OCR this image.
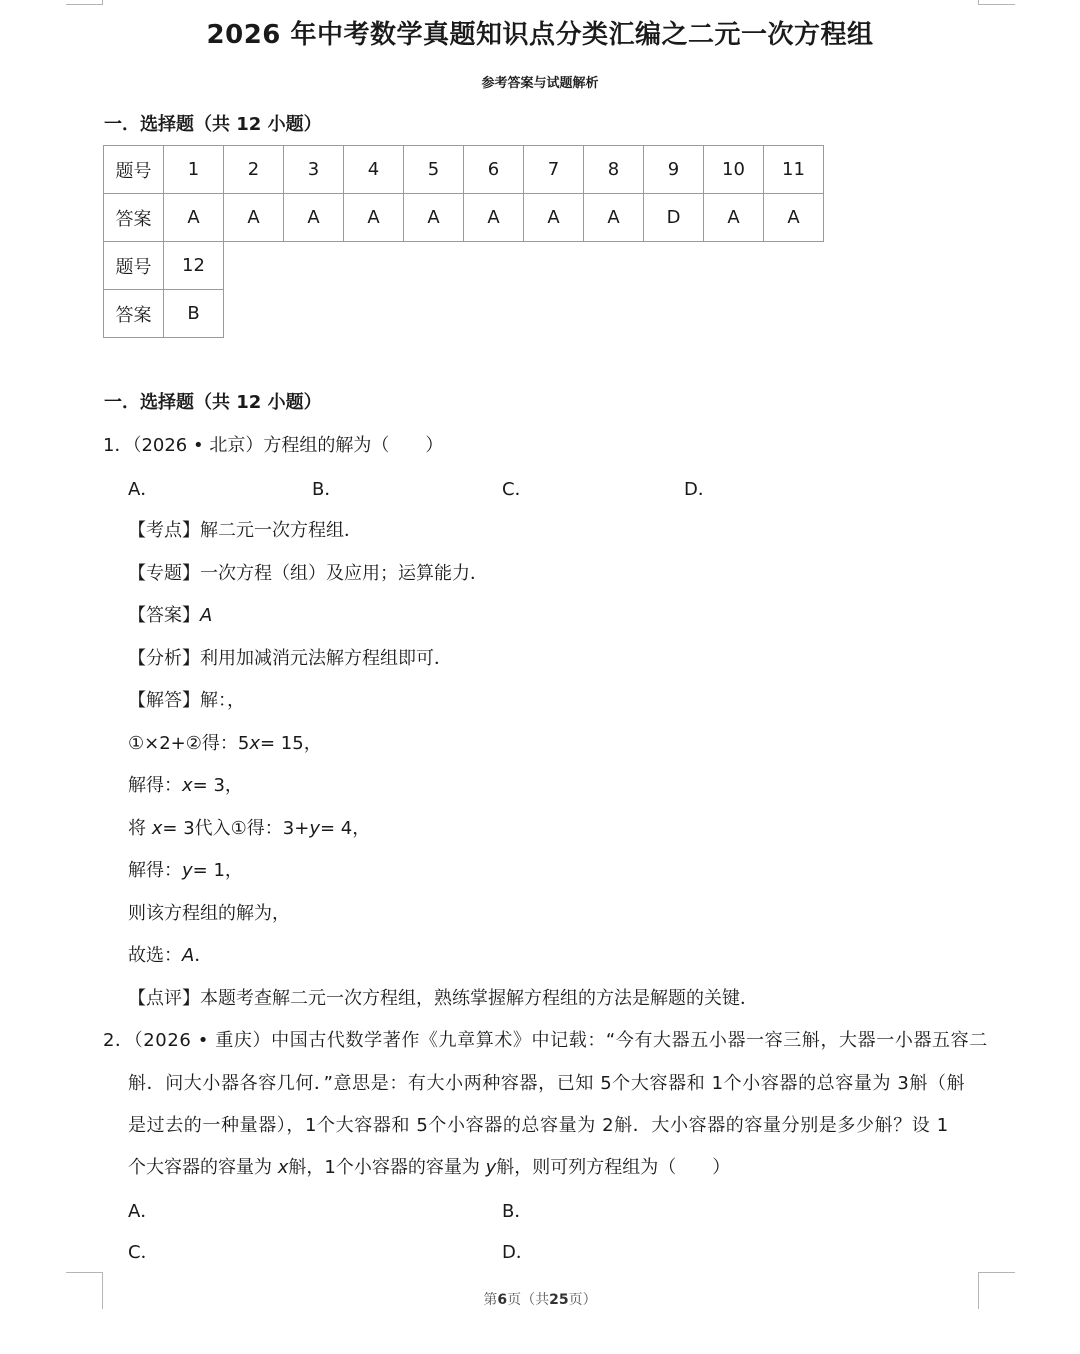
2026 年中考数学真题知识点分类汇编之二元一次方程组
参考答案与试题解析
一．选择题（共 12 小题）
题号	1	2	3	4	5	6	7	8	9	10	11
答案	A	A	A	A	A	A	A	A	D	A	A
题号	12										
答案	B										
一．选择题（共 12 小题）
1．（2026 • 北京）方程组的解为（　　）
A．	B．	C．	D．
【考点】解二元一次方程组．
【专题】一次方程（组）及应用；运算能力．
【答案】A
【分析】利用加减消元法解方程组即可．
【解答】解：，
①×2+②得：5x= 15，
解得：x= 3，
将 x= 3代入①得：3+y= 4，
解得：y= 1，
则该方程组的解为，
故选：A．
【点评】本题考查解二元一次方程组，熟练掌握解方程组的方法是解题的关键．
2．（2026 • 重庆）中国古代数学著作《九章算术》中记载：“今有大器五小器一容三斛，大器一小器五容二
斛．问大小器各容几何．”意思是：有大小两种容器，已知 5个大容器和 1个小容器的总容量为 3斛（斛
是过去的一种量器），1个大容器和 5个小容器的总容量为 2斛．大小容器的容量分别是多少斛？设 1
个大容器的容量为 x斛，1个小容器的容量为 y斛，则可列方程组为（　　）
A．	B．
C．	D．
第6页（共25页）
